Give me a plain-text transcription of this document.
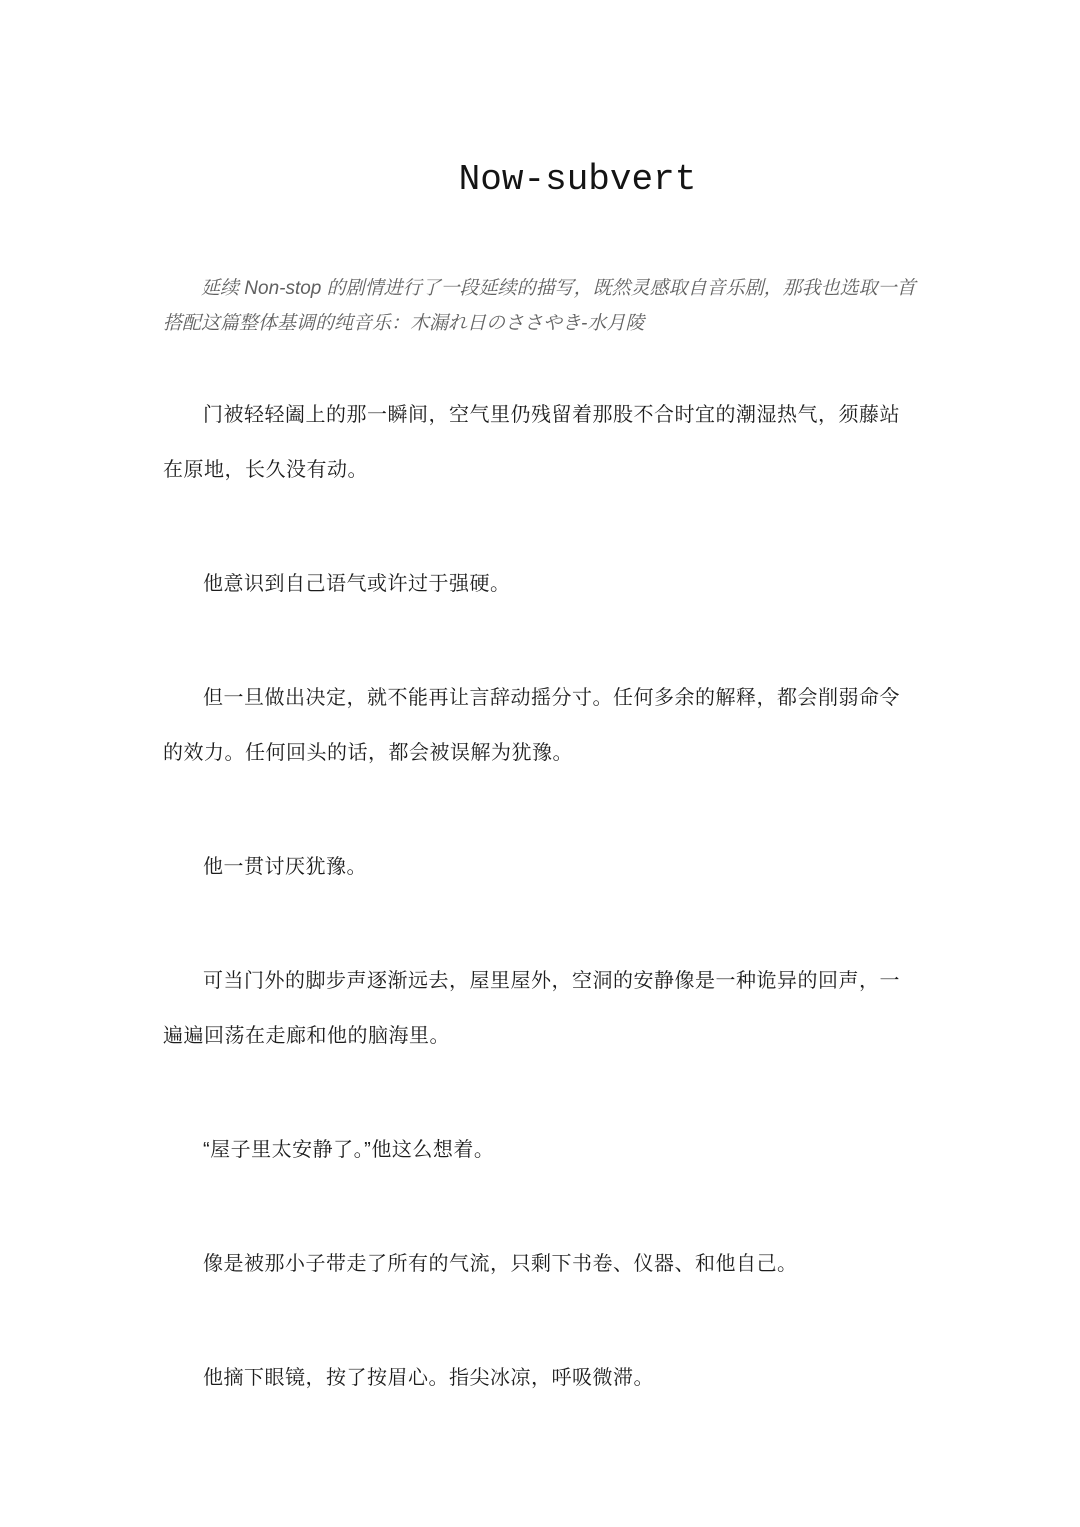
Now-subvert

延续 Non-stop 的剧情进行了一段延续的描写，既然灵感取自音乐剧，那我也选取一首搭配这篇整体基调的纯音乐：木漏れ日のささやき-水月陵

门被轻轻阖上的那一瞬间，空气里仍残留着那股不合时宜的潮湿热气，须藤站在原地，长久没有动。

他意识到自己语气或许过于强硬。

但一旦做出决定，就不能再让言辞动摇分寸。任何多余的解释，都会削弱命令的效力。任何回头的话，都会被误解为犹豫。

他一贯讨厌犹豫。

可当门外的脚步声逐渐远去，屋里屋外，空洞的安静像是一种诡异的回声，一遍遍回荡在走廊和他的脑海里。

“屋子里太安静了。”他这么想着。

像是被那小子带走了所有的气流，只剩下书卷、仪器、和他自己。

他摘下眼镜，按了按眉心。指尖冰凉，呼吸微滞。
